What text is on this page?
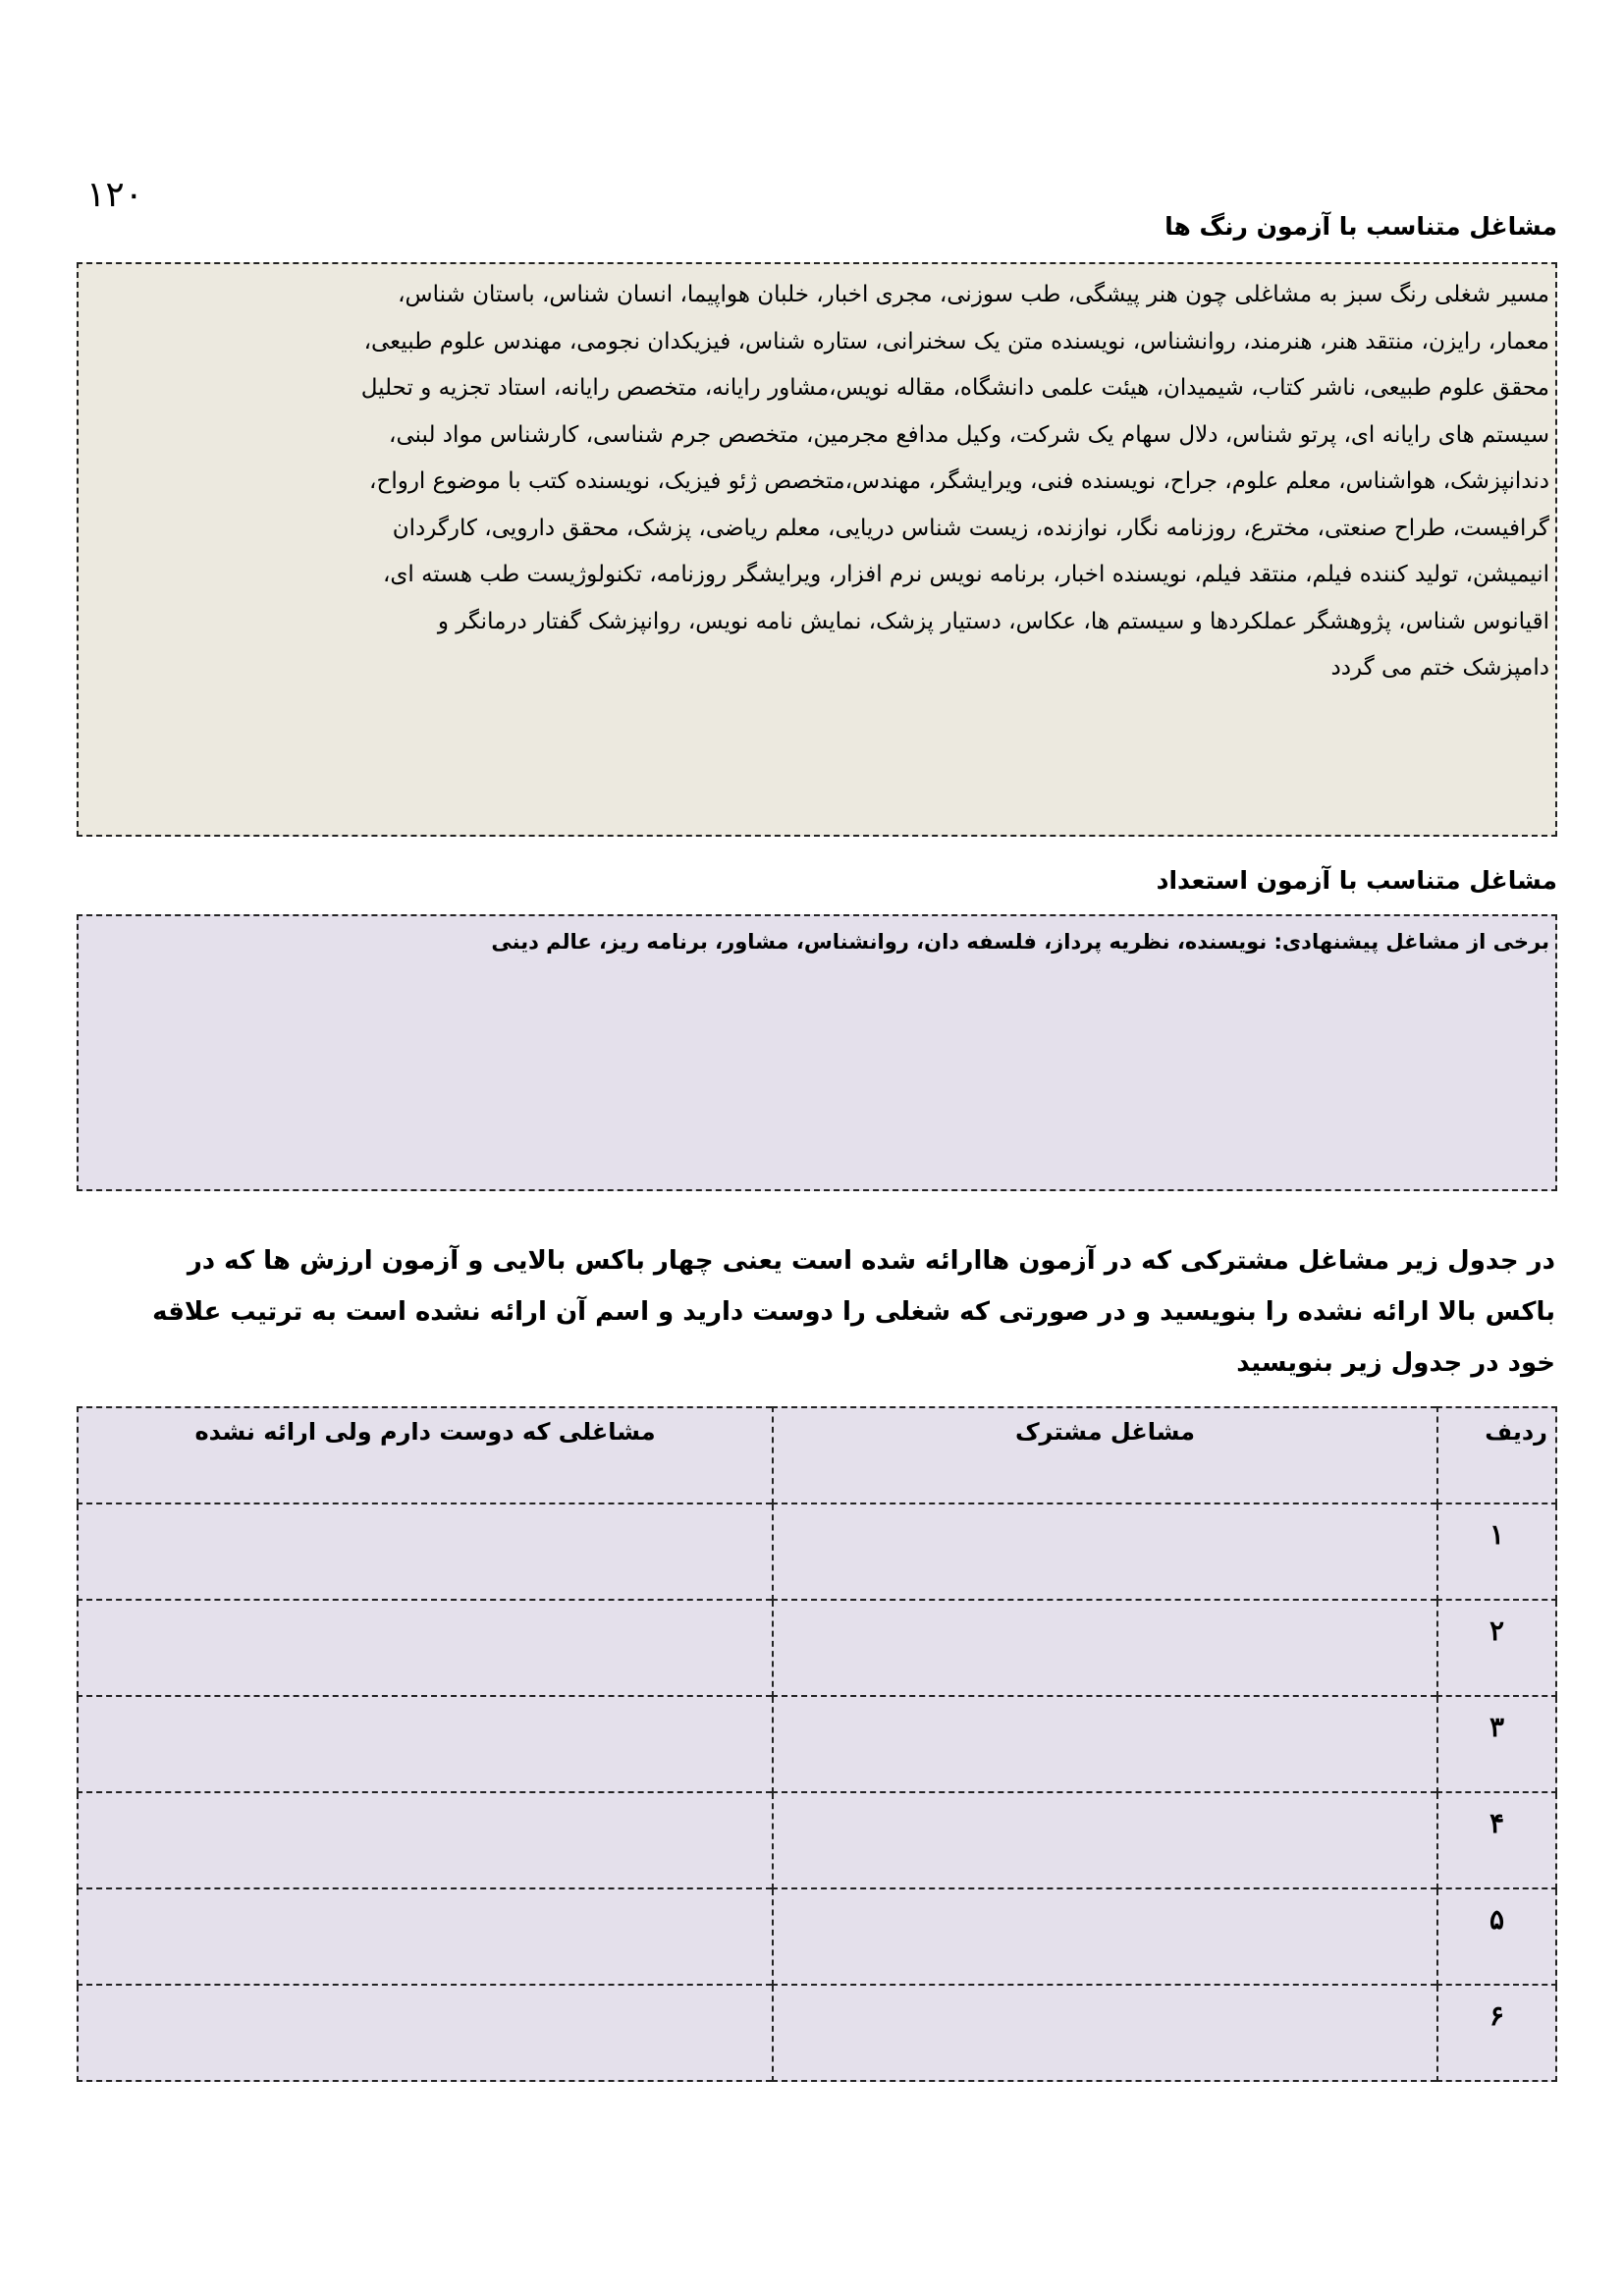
۱۲۰
مشاغل متناسب با آزمون رنگ ها

مسیر شغلی رنگ سبز به مشاغلی چون هنر پیشگی، طب سوزنی، مجری اخبار، خلبان هواپیما، انسان شناس، باستان شناس،

معمار، رایزن، منتقد هنر، هنرمند، روانشناس، نویسنده متن یک سخنرانی، ستاره شناس، فیزیکدان نجومی، مهندس علوم طبیعی،

محقق علوم طبیعی، ناشر کتاب، شیمیدان، هیئت علمی دانشگاه، مقاله نویس،مشاور رایانه، متخصص رایانه، استاد تجزیه و تحلیل

سیستم های رایانه ای، پرتو شناس، دلال سهام یک شرکت، وکیل مدافع مجرمین، متخصص جرم شناسی، کارشناس مواد لبنی،

دندانپزشک، هواشناس، معلم علوم، جراح، نویسنده فنی، ویرایشگر، مهندس،متخصص ژئو فیزیک، نویسنده کتب با موضوع ارواح،

گرافیست، طراح صنعتی، مخترع، روزنامه نگار، نوازنده، زیست شناس دریایی، معلم ریاضی، پزشک، محقق دارویی، کارگردان

انیمیشن، تولید کننده فیلم، منتقد فیلم، نویسنده اخبار، برنامه نویس نرم افزار، ویرایشگر روزنامه، تکنولوژیست طب هسته ای،

اقیانوس شناس، پژوهشگر عملکردها و سیستم ها، عکاس، دستیار پزشک، نمایش نامه نویس، روانپزشک گفتار درمانگر و

دامپزشک ختم می گردد

مشاغل متناسب با آزمون استعداد

برخی از مشاغل پیشنهادی: نویسنده، نظریه پرداز، فلسفه دان، روانشناس، مشاور، برنامه ریز، عالم دینی

در جدول زیر مشاغل مشترکی که در آزمون هاارائه شده است یعنی چهار باکس بالایی و آزمون ارزش ها که در
باکس بالا ارائه نشده را بنویسید و در صورتی که شغلی را دوست دارید و اسم آن ارائه نشده است به ترتیب علاقه
خود در جدول زیر بنویسید
ردیف	مشاغل مشترک	مشاغلی که دوست دارم ولی ارائه نشده
۱		
۲		
۳		
۴		
۵		
۶		
